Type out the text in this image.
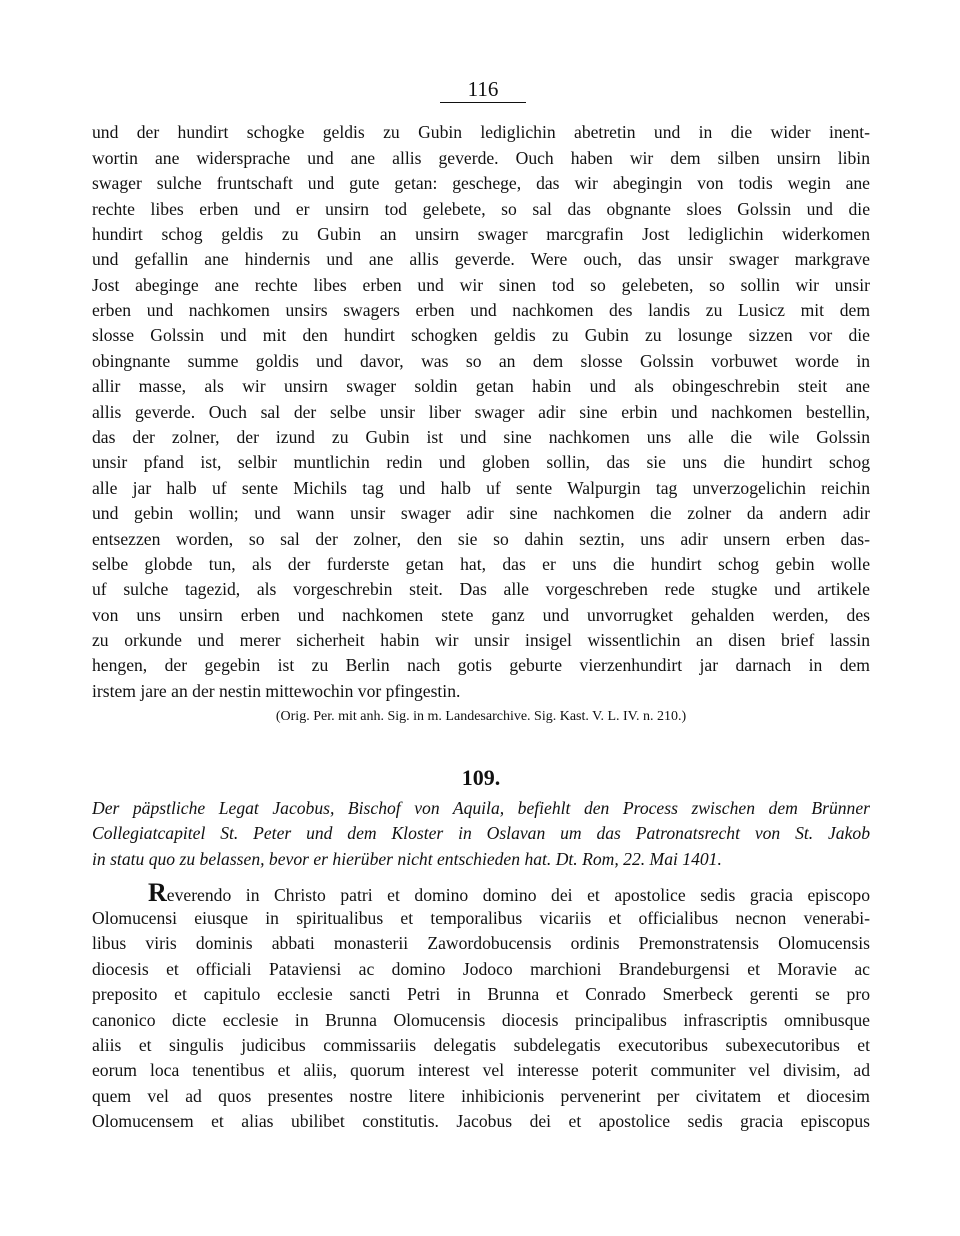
116
und der hundirt schogke geldis zu Gubin lediglichin abetretin und in die wider inent-
wortin ane widersprache und ane allis geverde. Ouch haben wir dem silben unsirn libin
swager sulche fruntschaft und gute getan: geschege, das wir abegingin von todis wegin ane
rechte libes erben und er unsirn tod gelebete, so sal das obgnante sloes Golssin und die
hundirt schog geldis zu Gubin an unsirn swager marcgrafin Jost lediglichin widerkomen
und gefallin ane hindernis und ane allis geverde. Were ouch, das unsir swager markgrave
Jost abeginge ane rechte libes erben und wir sinen tod so gelebeten, so sollin wir unsir
erben und nachkomen unsirs swagers erben und nachkomen des landis zu Lusicz mit dem
slosse Golssin und mit den hundirt schogken geldis zu Gubin zu losunge sizzen vor die
obingnante summe goldis und davor, was so an dem slosse Golssin vorbuwet worde in
allir masse, als wir unsirn swager soldin getan habin und als obingeschrebin steit ane
allis geverde. Ouch sal der selbe unsir liber swager adir sine erbin und nachkomen bestellin,
das der zolner, der izund zu Gubin ist und sine nachkomen uns alle die wile Golssin
unsir pfand ist, selbir muntlichin redin und globen sollin, das sie uns die hundirt schog
alle jar halb uf sente Michils tag und halb uf sente Walpurgin tag unverzogelichin reichin
und gebin wollin; und wann unsir swager adir sine nachkomen die zolner da andern adir
entsezzen worden, so sal der zolner, den sie so dahin seztin, uns adir unsern erben das-
selbe globde tun, als der furderste getan hat, das er uns die hundirt schog gebin wolle
uf sulche tagezid, als vorgeschrebin steit. Das alle vorgeschreben rede stugke und artikele
von uns unsirn erben und nachkomen stete ganz und unvorrugket gehalden werden, des
zu orkunde und merer sicherheit habin wir unsir insigel wissentlichin an disen brief lassin
hengen, der gegebin ist zu Berlin nach gotis geburte vierzenhundirt jar darnach in dem
irstem jare an der nestin mittewochin vor pfingestin.
(Orig. Per. mit anh. Sig. in m. Landesarchive. Sig. Kast. V. L. IV. n. 210.)
109.
Der päpstliche Legat Jacobus, Bischof von Aquila, befiehlt den Process zwischen dem Brünner
Collegiatcapitel St. Peter und dem Kloster in Oslavan um das Patronatsrecht von St. Jakob
in statu quo zu belassen, bevor er hierüber nicht entschieden hat. Dt. Rom, 22. Mai 1401.
Reverendo in Christo patri et domino domino dei et apostolice sedis gracia episcopo
Olomucensi eiusque in spiritualibus et temporalibus vicariis et officialibus necnon venerabi-
libus viris dominis abbati monasterii Zawordobucensis ordinis Premonstratensis Olomucensis
diocesis et officiali Pataviensi ac domino Jodoco marchioni Brandeburgensi et Moravie ac
preposito et capitulo ecclesie sancti Petri in Brunna et Conrado Smerbeck gerenti se pro
canonico dicte ecclesie in Brunna Olomucensis diocesis principalibus infrascriptis omnibusque
aliis et singulis judicibus commissariis delegatis subdelegatis executoribus subexecutoribus et
eorum loca tenentibus et aliis, quorum interest vel interesse poterit communiter vel divisim, ad
quem vel ad quos presentes nostre litere inhibicionis pervenerint per civitatem et diocesim
Olomucensem et alias ubilibet constitutis. Jacobus dei et apostolice sedis gracia episcopus
